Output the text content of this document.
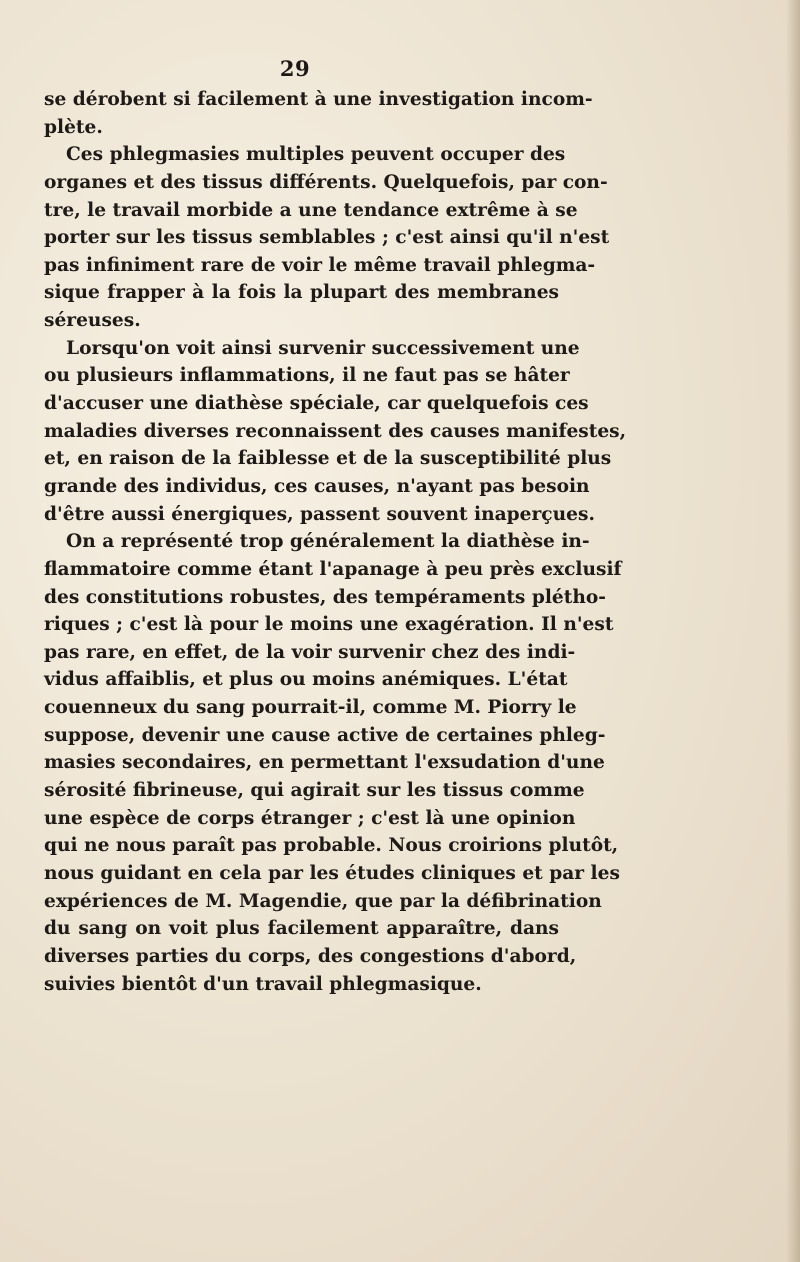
29
se dérobent si facilement à une investigation incom-
plète.
Ces phlegmasies multiples peuvent occuper des
organes et des tissus différents. Quelquefois, par con-
tre, le travail morbide a une tendance extrême à se
porter sur les tissus semblables ; c'est ainsi qu'il n'est
pas infiniment rare de voir le même travail phlegma-
sique frapper à la fois la plupart des membranes
séreuses.
Lorsqu'on voit ainsi survenir successivement une
ou plusieurs inflammations, il ne faut pas se hâter
d'accuser une diathèse spéciale, car quelquefois ces
maladies diverses reconnaissent des causes manifestes,
et, en raison de la faiblesse et de la susceptibilité plus
grande des individus, ces causes, n'ayant pas besoin
d'être aussi énergiques, passent souvent inaperçues.
On a représenté trop généralement la diathèse in-
flammatoire comme étant l'apanage à peu près exclusif
des constitutions robustes, des tempéraments plétho-
riques ; c'est là pour le moins une exagération. Il n'est
pas rare, en effet, de la voir survenir chez des indi-
vidus affaiblis, et plus ou moins anémiques. L'état
couenneux du sang pourrait-il, comme M. Piorry le
suppose, devenir une cause active de certaines phleg-
masies secondaires, en permettant l'exsudation d'une
sérosité fibrineuse, qui agirait sur les tissus comme
une espèce de corps étranger ; c'est là une opinion
qui ne nous paraît pas probable. Nous croirions plutôt,
nous guidant en cela par les études cliniques et par les
expériences de M. Magendie, que par la défibrination
du sang on voit plus facilement apparaître, dans
diverses parties du corps, des congestions d'abord,
suivies bientôt d'un travail phlegmasique.
